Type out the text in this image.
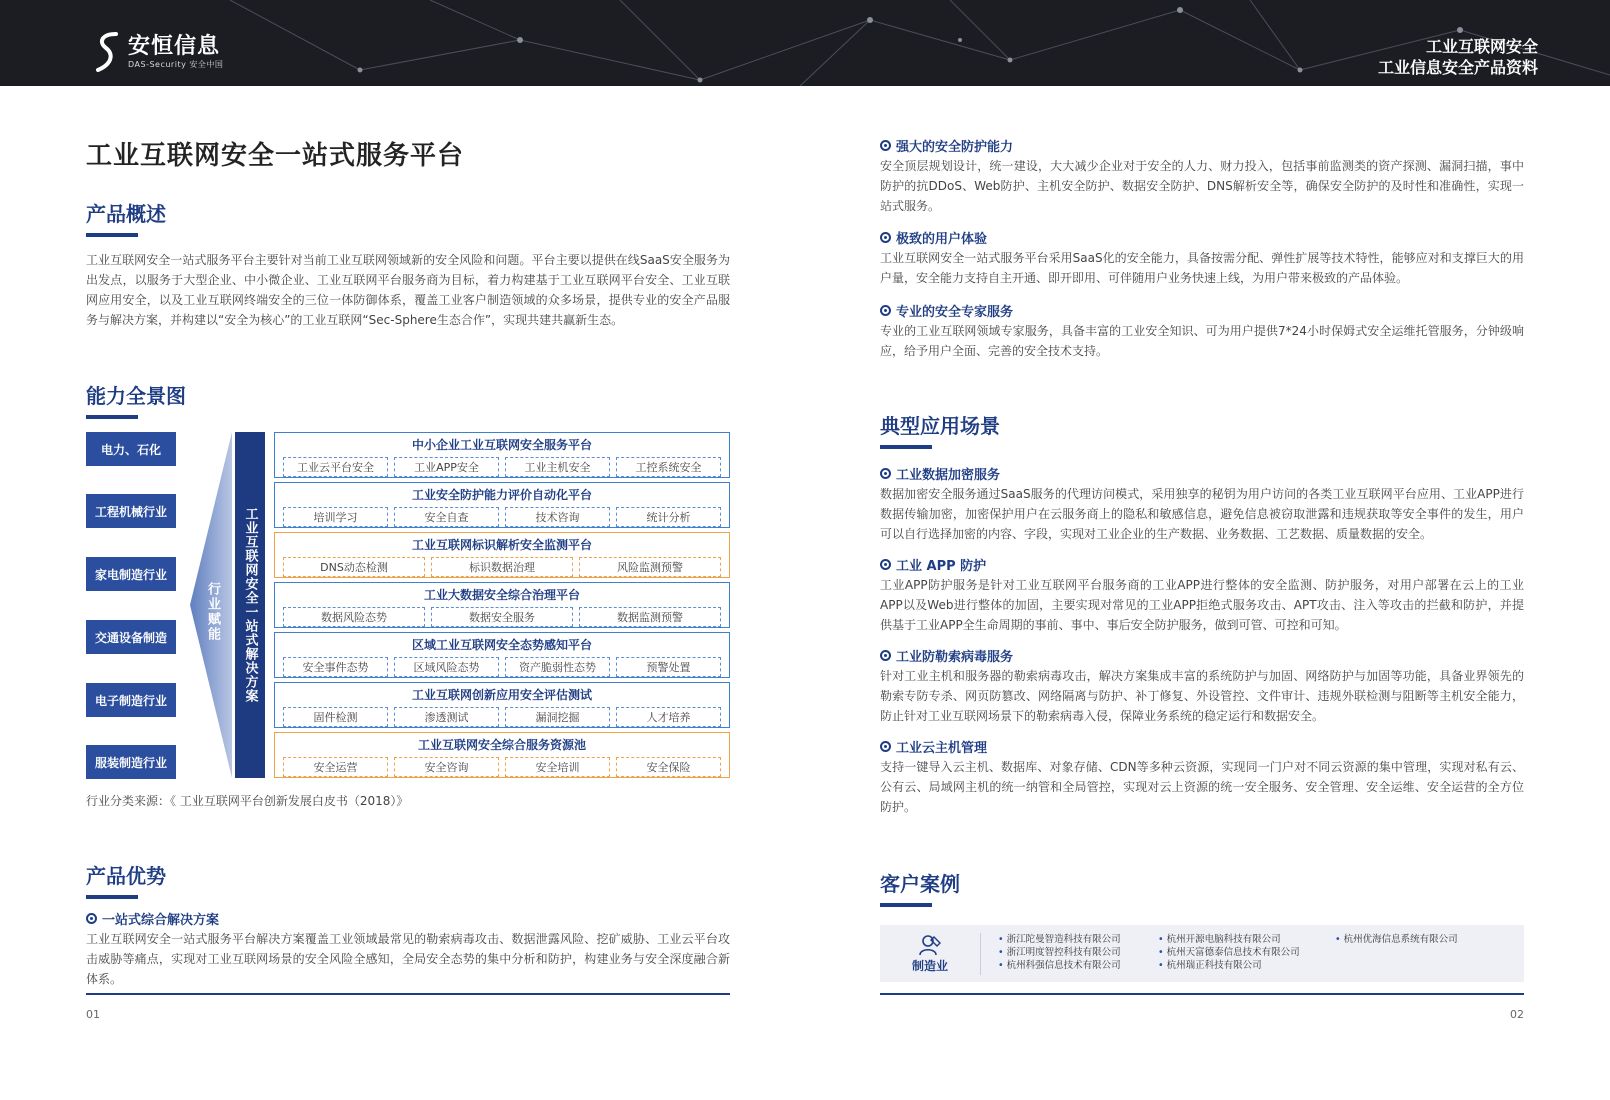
安恒信息
DAS-Security 安全中国
工业互联网安全
工业信息安全产品资料
工业互联网安全一站式服务平台
产品概述
工业互联网安全一站式服务平台主要针对当前工业互联网领域新的安全风险和问题。平台主要以提供在线SaaS安全服务为出发点，以服务于大型企业、中小微企业、工业互联网平台服务商为目标，着力构建基于工业互联网平台安全、工业互联网应用安全，以及工业互联网终端安全的三位一体防御体系，覆盖工业客户制造领域的众多场景，提供专业的安全产品服务与解决方案，并构建以“安全为核心”的工业互联网“Sec-Sphere生态合作”，实现共建共赢新生态。
能力全景图
电力、石化
工程机械行业
家电制造行业
交通设备制造
电子制造行业
服装制造行业
行业赋能	工业互联网安全一站式解决方案
中小企业工业互联网安全服务平台
工业云平台安全	工业APP安全	工业主机安全	工控系统安全
工业安全防护能力评价自动化平台
培训学习	安全自查	技术咨询	统计分析
工业互联网标识解析安全监测平台
DNS动态检测	标识数据治理	风险监测预警
工业大数据安全综合治理平台
数据风险态势	数据安全服务	数据监测预警
区域工业互联网安全态势感知平台
安全事件态势	区域风险态势	资产脆弱性态势	预警处置
工业互联网创新应用安全评估测试
固件检测	渗透测试	漏洞挖掘	人才培养
工业互联网安全综合服务资源池
安全运营	安全咨询	安全培训	安全保险
行业分类来源：《 工业互联网平台创新发展白皮书（2018）》
产品优势
一站式综合解决方案
工业互联网安全一站式服务平台解决方案覆盖工业领域最常见的勒索病毒攻击、数据泄露风险、挖矿威胁、工业云平台攻击威胁等痛点，实现对工业互联网场景的安全风险全感知，全局安全态势的集中分析和防护，构建业务与安全深度融合新体系。
01
强大的安全防护能力
安全顶层规划设计，统一建设，大大减少企业对于安全的人力、财力投入，包括事前监测类的资产探测、漏洞扫描，事中防护的抗DDoS、Web防护、主机安全防护、数据安全防护、DNS解析安全等，确保安全防护的及时性和准确性，实现一站式服务。
极致的用户体验
工业互联网安全一站式服务平台采用SaaS化的安全能力，具备按需分配、弹性扩展等技术特性，能够应对和支撑巨大的用户量，安全能力支持自主开通、即开即用、可伴随用户业务快速上线，为用户带来极致的产品体验。
专业的安全专家服务
专业的工业互联网领域专家服务，具备丰富的工业安全知识、可为用户提供7*24小时保姆式安全运维托管服务，分钟级响应，给予用户全面、完善的安全技术支持。
典型应用场景
工业数据加密服务
数据加密安全服务通过SaaS服务的代理访问模式，采用独享的秘钥为用户访问的各类工业互联网平台应用、工业APP进行数据传输加密，加密保护用户在云服务商上的隐私和敏感信息，避免信息被窃取泄露和违规获取等安全事件的发生，用户可以自行选择加密的内容、字段，实现对工业企业的生产数据、业务数据、工艺数据、质量数据的安全。
工业 APP 防护
工业APP防护服务是针对工业互联网平台服务商的工业APP进行整体的安全监测、防护服务，对用户部署在云上的工业APP以及Web进行整体的加固，主要实现对常见的工业APP拒绝式服务攻击、APT攻击、注入等攻击的拦截和防护，并提供基于工业APP全生命周期的事前、事中、事后安全防护服务，做到可管、可控和可知。
工业防勒索病毒服务
针对工业主机和服务器的勒索病毒攻击，解决方案集成丰富的系统防护与加固、网络防护与加固等功能，具备业界领先的勒索专防专杀、网页防篡改、网络隔离与防护、补丁修复、外设管控、文件审计、违规外联检测与阻断等主机安全能力，防止针对工业互联网场景下的勒索病毒入侵，保障业务系统的稳定运行和数据安全。
工业云主机管理
支持一键导入云主机、数据库、对象存储、CDN等多种云资源，实现同一门户对不同云资源的集中管理，实现对私有云、公有云、局域网主机的统一纳管和全局管控，实现对云上资源的统一安全服务、安全管理、安全运维、安全运营的全方位防护。
客户案例
制造业
• 浙江陀曼智造科技有限公司
• 浙江明度智控科技有限公司
• 杭州科强信息技术有限公司
• 杭州开源电脑科技有限公司
• 杭州天富德泰信息技术有限公司
• 杭州瑞正科技有限公司
• 杭州优海信息系统有限公司
02
